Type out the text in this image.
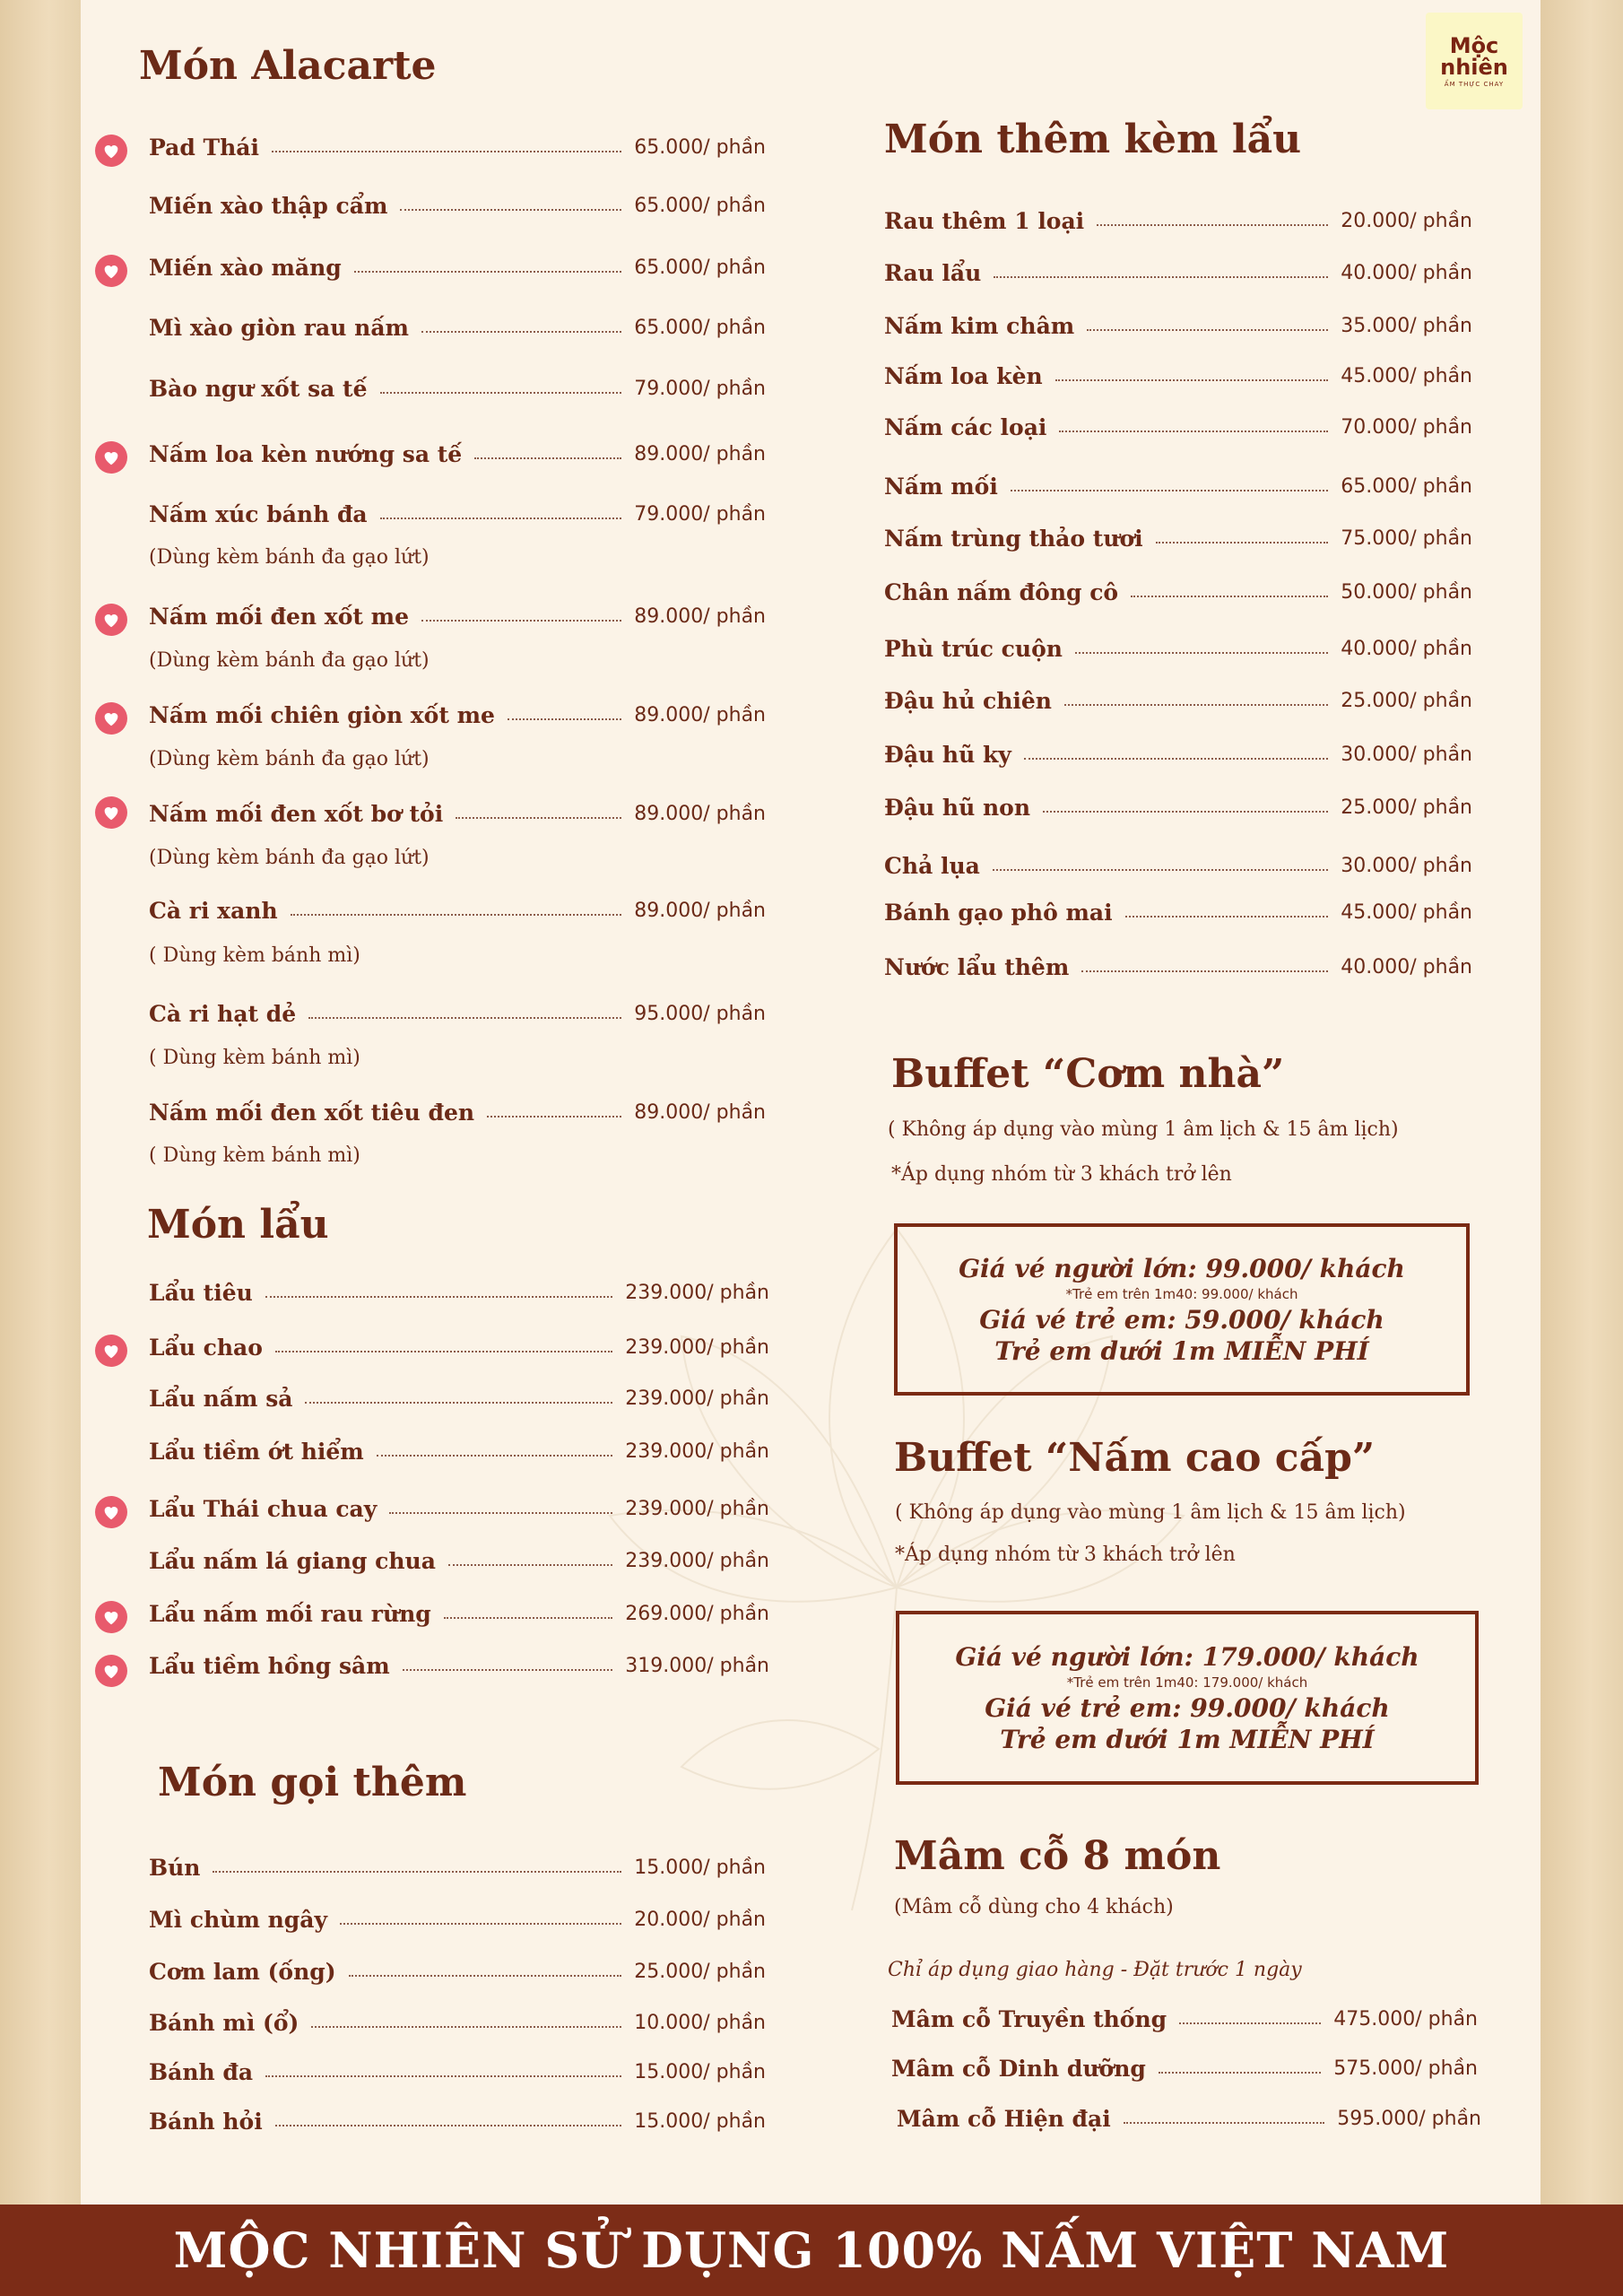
Mộc
nhiên
ẨM THỰC CHAY
Món Alacarte
Pad Thái	65.000/ phần
Miến xào thập cẩm	65.000/ phần
Miến xào măng	65.000/ phần
Mì xào giòn rau nấm	65.000/ phần
Bào ngư xốt sa tế	79.000/ phần
Nấm loa kèn nướng sa tế	89.000/ phần
Nấm xúc bánh đa	79.000/ phần
(Dùng kèm bánh đa gạo lứt)
Nấm mối đen xốt me	89.000/ phần
(Dùng kèm bánh đa gạo lứt)
Nấm mối chiên giòn xốt me	89.000/ phần
(Dùng kèm bánh đa gạo lứt)
Nấm mối đen xốt bơ tỏi	89.000/ phần
(Dùng kèm bánh đa gạo lứt)
Cà ri xanh	89.000/ phần
( Dùng kèm bánh mì)
Cà ri hạt dẻ	95.000/ phần
( Dùng kèm bánh mì)
Nấm mối đen xốt tiêu đen	89.000/ phần
( Dùng kèm bánh mì)
Món lẩu
Lẩu tiêu	239.000/ phần
Lẩu chao	239.000/ phần
Lẩu nấm sả	239.000/ phần
Lẩu tiềm ớt hiểm	239.000/ phần
Lẩu Thái chua cay	239.000/ phần
Lẩu nấm lá giang chua	239.000/ phần
Lẩu nấm mối rau rừng	269.000/ phần
Lẩu tiềm hồng sâm	319.000/ phần
Món gọi thêm
Bún	15.000/ phần
Mì chùm ngây	20.000/ phần
Cơm lam (ống)	25.000/ phần
Bánh mì (ổ)	10.000/ phần
Bánh đa	15.000/ phần
Bánh hỏi	15.000/ phần
Món thêm kèm lẩu
Rau thêm 1 loại	20.000/ phần
Rau lẩu	40.000/ phần
Nấm kim châm	35.000/ phần
Nấm loa kèn	45.000/ phần
Nấm các loại	70.000/ phần
Nấm mối	65.000/ phần
Nấm trùng thảo tươi	75.000/ phần
Chân nấm đông cô	50.000/ phần
Phù trúc cuộn	40.000/ phần
Đậu hủ chiên	25.000/ phần
Đậu hũ ky	30.000/ phần
Đậu hũ non	25.000/ phần
Chả lụa	30.000/ phần
Bánh gạo phô mai	45.000/ phần
Nước lẩu thêm	40.000/ phần
Buffet “Cơm nhà”
( Không áp dụng vào mùng 1 âm lịch & 15 âm lịch)
*Áp dụng nhóm từ 3 khách trở lên
Giá vé người lớn: 99.000/ khách
*Trẻ em trên 1m40: 99.000/ khách
Giá vé trẻ em: 59.000/ khách
Trẻ em dưới 1m MIỄN PHÍ
Buffet “Nấm cao cấp”
( Không áp dụng vào mùng 1 âm lịch & 15 âm lịch)
*Áp dụng nhóm từ 3 khách trở lên
Giá vé người lớn: 179.000/ khách
*Trẻ em trên 1m40: 179.000/ khách
Giá vé trẻ em: 99.000/ khách
Trẻ em dưới 1m MIỄN PHÍ
Mâm cỗ 8 món
(Mâm cỗ dùng cho 4 khách)
Chỉ áp dụng giao hàng - Đặt trước 1 ngày
Mâm cỗ Truyền thống	475.000/ phần
Mâm cỗ Dinh dưỡng	575.000/ phần
Mâm cỗ Hiện đại	595.000/ phần
MỘC NHIÊN SỬ DỤNG 100% NẤM VIỆT NAM
